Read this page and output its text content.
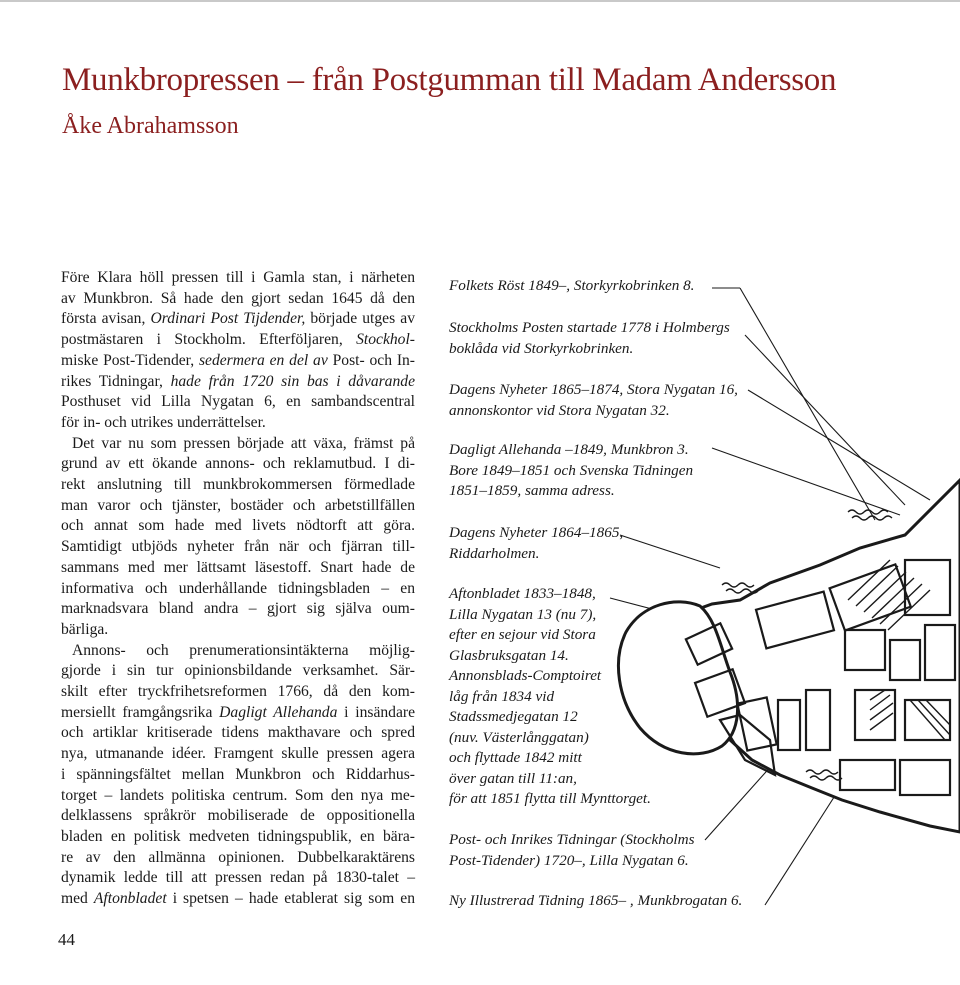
Munkbropressen – från Postgumman till Madam Andersson
Åke Abrahamsson
Före Klara höll pressen till i Gamla stan, i närheten
av Munkbron. Så hade den gjort sedan 1645 då den
första avisan, Ordinari Post Tijdender, började utges av
postmästaren i Stockholm. Efterföljaren, Stockhol-
miske Post-Tidender, sedermera en del av Post- och In-
rikes Tidningar, hade från 1720 sin bas i dåvarande
Posthuset vid Lilla Nygatan 6, en sambandscentral
för in- och utrikes underrättelser.
Det var nu som pressen började att växa, främst på
grund av ett ökande annons- och reklamutbud. I di-
rekt anslutning till munkbrokommersen förmedlade
man varor och tjänster, bostäder och arbetstillfällen
och annat som hade med livets nödtorft att göra.
Samtidigt utbjöds nyheter från när och fjärran till-
sammans med mer lättsamt läsestoff. Snart hade de
informativa och underhållande tidningsbladen – en
marknadsvara bland andra – gjort sig själva oum-
bärliga.
Annons- och prenumerationsintäkterna möjlig-
gjorde i sin tur opinionsbildande verksamhet. Sär-
skilt efter tryckfrihetsreformen 1766, då den kom-
mersiellt framgångsrika Dagligt Allehanda i insändare
och artiklar kritiserade tidens makthavare och spred
nya, utmanande idéer. Framgent skulle pressen agera
i spänningsfältet mellan Munkbron och Riddarhus-
torget – landets politiska centrum. Som den nya me-
delklassens språkrör mobiliserade de oppositionella
bladen en politisk medveten tidningspublik, en bära-
re av den allmänna opinionen. Dubbelkaraktärens
dynamik ledde till att pressen redan på 1830-talet –
med Aftonbladet i spetsen – hade etablerat sig som en
Folkets Röst 1849–, Storkyrkobrinken 8.
Stockholms Posten startade 1778 i Holmbergs
boklåda vid Storkyrkobrinken.
Dagens Nyheter 1865–1874, Stora Nygatan 16,
annonskontor vid Stora Nygatan 32.
Dagligt Allehanda –1849, Munkbron 3.
Bore 1849–1851 och Svenska Tidningen
1851–1859, samma adress.
Dagens Nyheter 1864–1865,
Riddarholmen.
Aftonbladet 1833–1848,
Lilla Nygatan 13 (nu 7),
efter en sejour vid Stora
Glasbruksgatan 14.
Annonsblads-Comptoiret
låg från 1834 vid
Stadssmedjegatan 12
(nuv. Västerlånggatan)
och flyttade 1842 mitt
över gatan till 11:an,
för att 1851 flytta till Mynttorget.
Post- och Inrikes Tidningar (Stockholms
Post-Tidender) 1720–, Lilla Nygatan 6.
Ny Illustrerad Tidning 1865– , Munkbrogatan 6.
44
